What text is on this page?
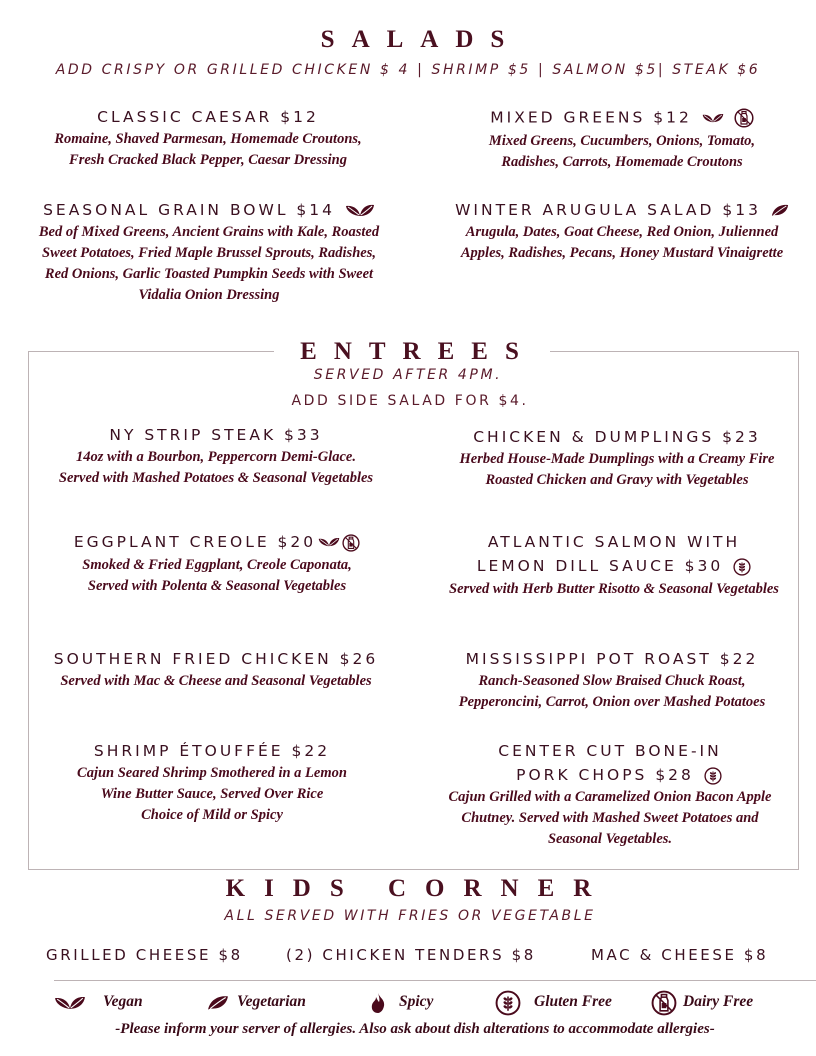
SALADS
ADD CRISPY OR GRILLED CHICKEN $ 4 | SHRIMP $5 | SALMON $5| STEAK $6
CLASSIC CAESAR $12
Romaine, Shaved Parmesan, Homemade Croutons,
Fresh Cracked Black Pepper, Caesar Dressing
MIXED GREENS $12
Mixed Greens, Cucumbers, Onions, Tomato,
Radishes, Carrots, Homemade Croutons
SEASONAL GRAIN BOWL $14
Bed of Mixed Greens, Ancient Grains with Kale, Roasted
Sweet Potatoes, Fried Maple Brussel Sprouts, Radishes,
Red Onions, Garlic Toasted Pumpkin Seeds with Sweet
Vidalia Onion Dressing
WINTER ARUGULA SALAD $13
Arugula, Dates, Goat Cheese, Red Onion, Julienned
Apples, Radishes, Pecans, Honey Mustard Vinaigrette
ENTREES
SERVED AFTER 4PM.
ADD SIDE SALAD FOR $4.
NY STRIP STEAK $33
14oz with a Bourbon, Peppercorn Demi-Glace.
Served with Mashed Potatoes & Seasonal Vegetables
CHICKEN & DUMPLINGS $23
Herbed House-Made Dumplings with a Creamy Fire
Roasted Chicken and Gravy with Vegetables
EGGPLANT CREOLE $20
Smoked & Fried Eggplant, Creole Caponata,
Served with Polenta & Seasonal Vegetables
ATLANTIC SALMON WITH
LEMON DILL SAUCE $30
Served with Herb Butter Risotto & Seasonal Vegetables
SOUTHERN FRIED CHICKEN $26
Served with Mac & Cheese and Seasonal Vegetables
MISSISSIPPI POT ROAST $22
Ranch-Seasoned Slow Braised Chuck Roast,
Pepperoncini, Carrot, Onion over Mashed Potatoes
SHRIMP ÉTOUFFÉE $22
Cajun Seared Shrimp Smothered in a Lemon
Wine Butter Sauce, Served Over Rice
Choice of Mild or Spicy
CENTER CUT BONE-IN
PORK CHOPS $28
Cajun Grilled with a Caramelized Onion Bacon Apple
Chutney. Served with Mashed Sweet Potatoes and
Seasonal Vegetables.
KIDS CORNER
ALL SERVED WITH FRIES OR VEGETABLE
GRILLED CHEESE $8	(2) CHICKEN TENDERS $8	MAC & CHEESE $8
Vegan	Vegetarian	Spicy	Gluten Free	Dairy Free
-Please inform your server of allergies. Also ask about dish alterations to accommodate allergies-
